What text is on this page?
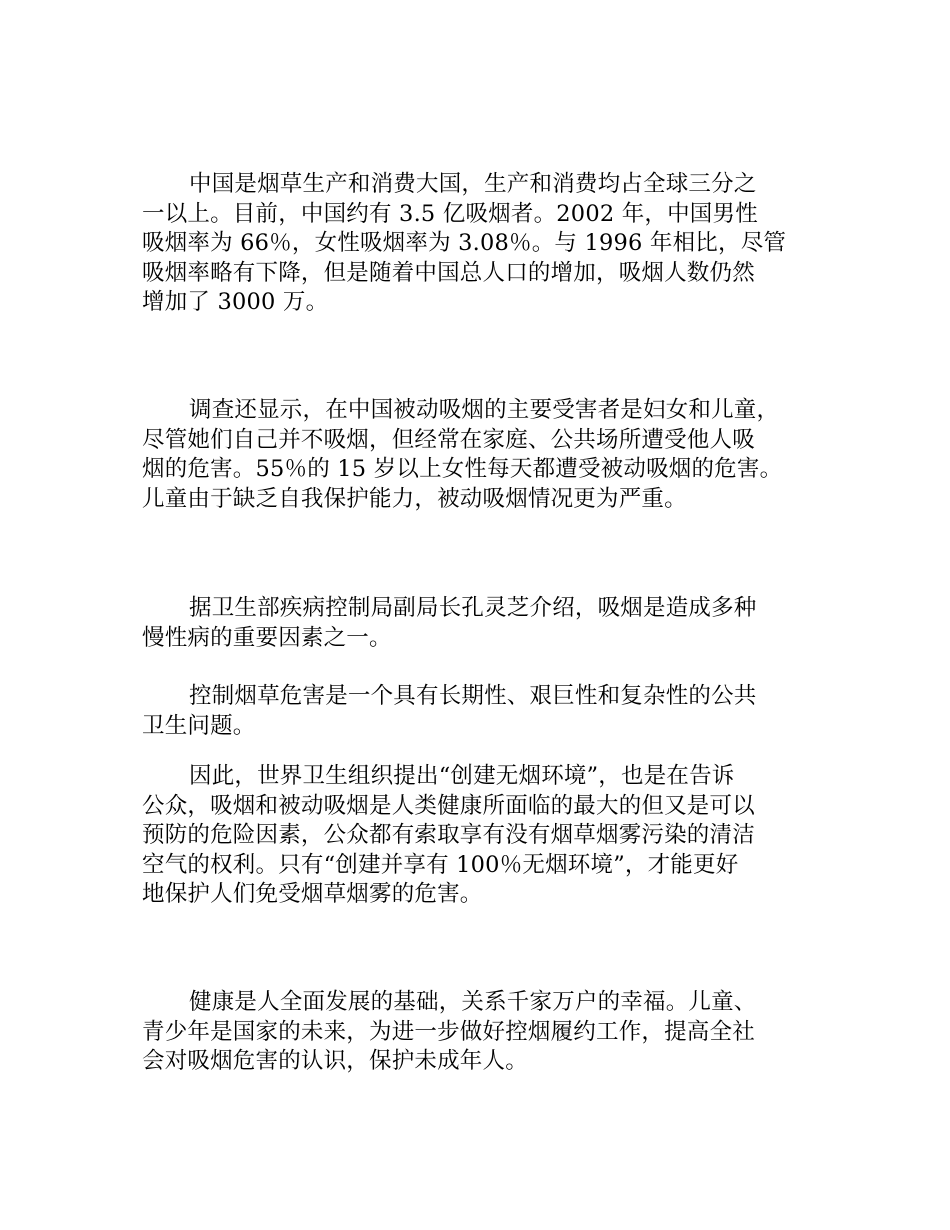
中国是烟草生产和消费大国，生产和消费均占全球三分之
一以上。目前，中国约有 3.5 亿吸烟者。2002 年，中国男性
吸烟率为 66％，女性吸烟率为 3.08％。与 1996 年相比，尽管
吸烟率略有下降，但是随着中国总人口的增加，吸烟人数仍然
增加了 3000 万。

调查还显示，在中国被动吸烟的主要受害者是妇女和儿童，
尽管她们自己并不吸烟，但经常在家庭、公共场所遭受他人吸
烟的危害。55％的 15 岁以上女性每天都遭受被动吸烟的危害。
儿童由于缺乏自我保护能力，被动吸烟情况更为严重。

据卫生部疾病控制局副局长孔灵芝介绍，吸烟是造成多种
慢性病的重要因素之一。

控制烟草危害是一个具有长期性、艰巨性和复杂性的公共
卫生问题。

因此，世界卫生组织提出“创建无烟环境”，也是在告诉
公众，吸烟和被动吸烟是人类健康所面临的最大的但又是可以
预防的危险因素，公众都有索取享有没有烟草烟雾污染的清洁
空气的权利。只有“创建并享有 100％无烟环境”，才能更好
地保护人们免受烟草烟雾的危害。

健康是人全面发展的基础，关系千家万户的幸福。儿童、
青少年是国家的未来，为进一步做好控烟履约工作，提高全社
会对吸烟危害的认识，保护未成年人。
